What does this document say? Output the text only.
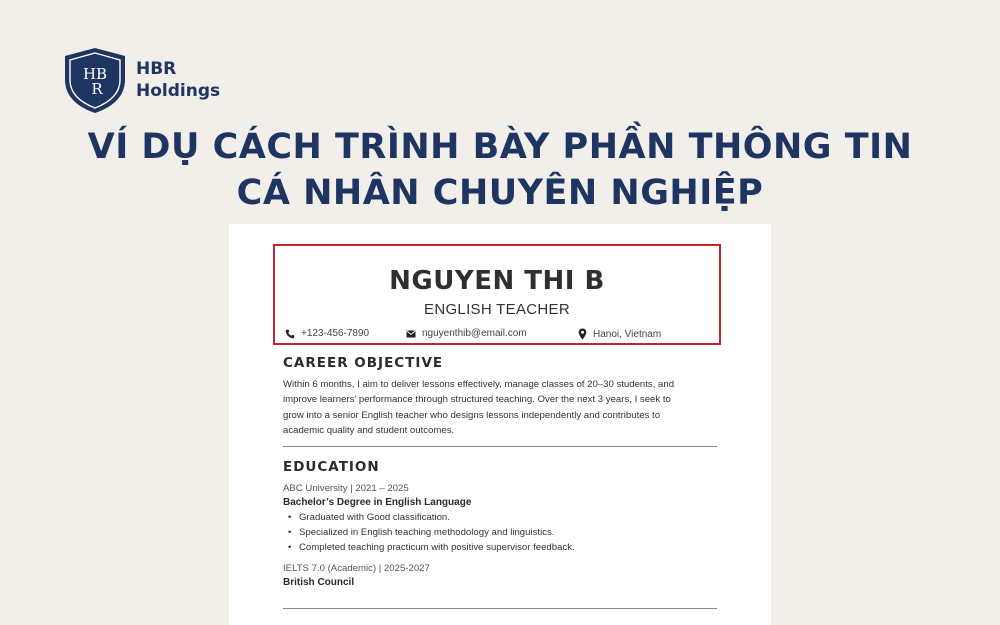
HB
R
HBR
Holdings
VÍ DỤ CÁCH TRÌNH BÀY PHẦN THÔNG TIN
CÁ NHÂN CHUYÊN NGHIỆP
NGUYEN THI B
ENGLISH TEACHER
+123-456-7890	nguyenthib@email.com	Hanoi, Vietnam
CAREER OBJECTIVE
Within 6 months, I aim to deliver lessons effectively, manage classes of 20–30 students, and
improve learners’ performance through structured teaching. Over the next 3 years, I seek to
grow into a senior English teacher who designs lessons independently and contributes to
academic quality and student outcomes.
EDUCATION
ABC University | 2021 – 2025
Bachelor’s Degree in English Language
• Graduated with Good classification.
• Specialized in English teaching methodology and linguistics.
• Completed teaching practicum with positive supervisor feedback.
IELTS 7.0 (Academic) | 2025-2027
British Council
